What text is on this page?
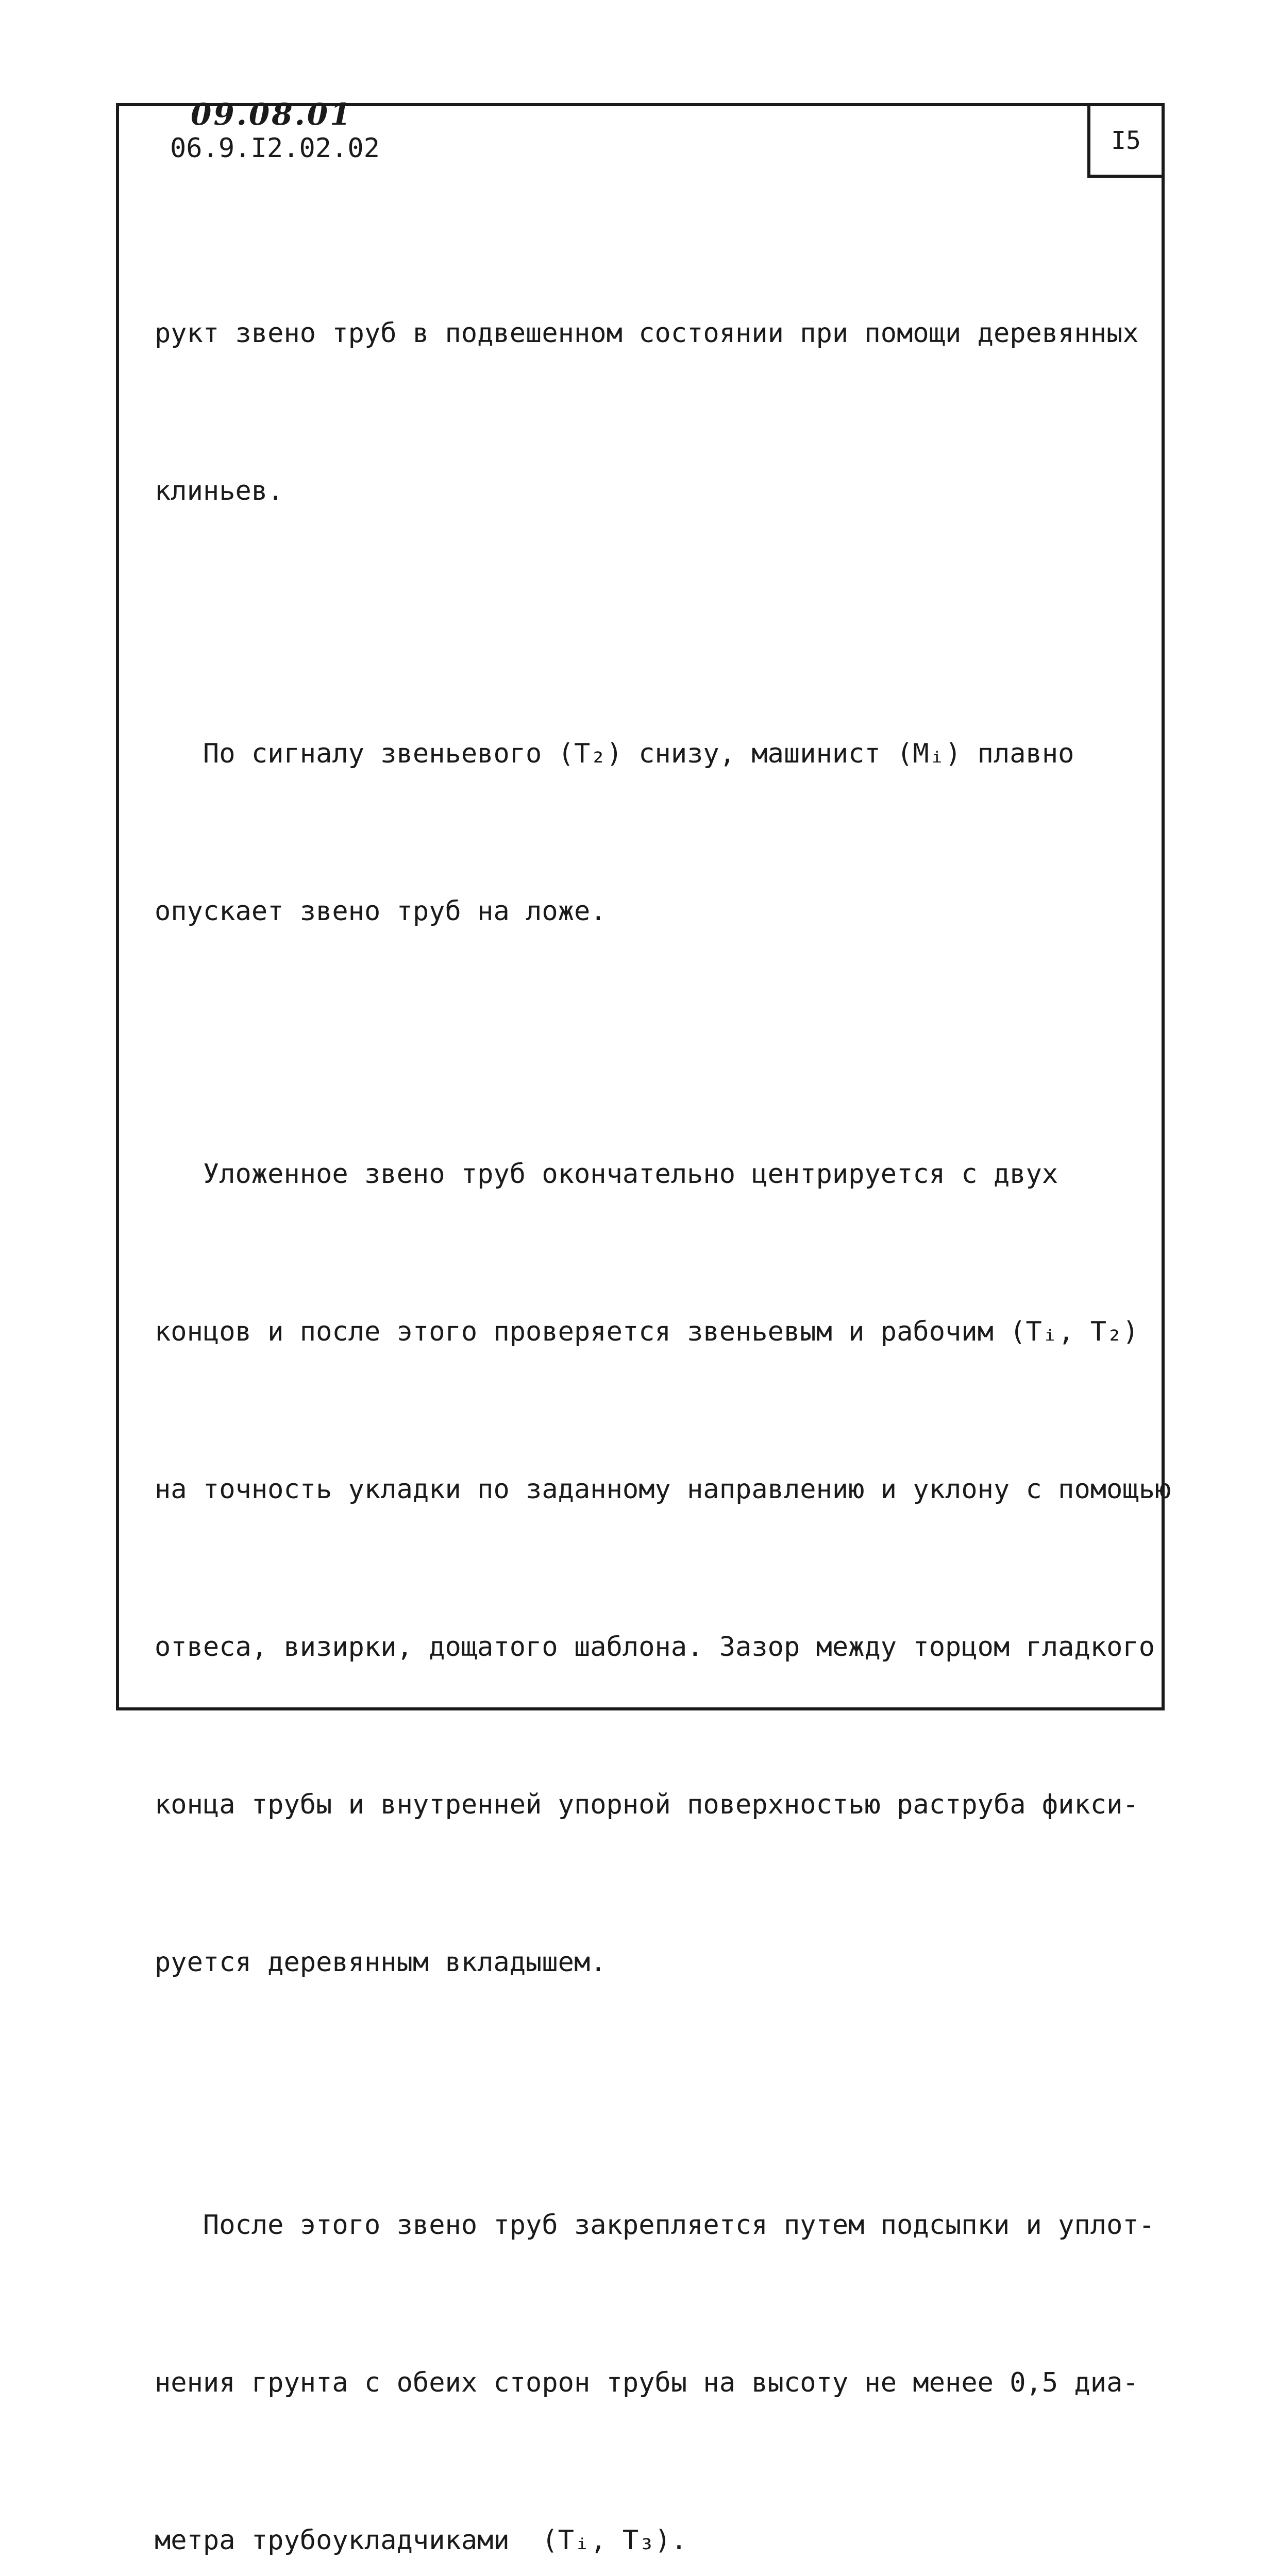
I5
09.08.01
06.9.I2.02.02

рукт звено труб в подвешенном состоянии при помощи деревянных

клиньев.

По сигналу звеньевого (T₂) снизу, машинист (Mᵢ) плавно

опускает звено труб на ложе.

Уложенное звено труб окончательно центрируется с двух

концов и после этого проверяется звеньевым и рабочим (Tᵢ, T₂)

на точность укладки по заданному направлению и уклону с помощью

отвеса, визирки, дощатого шаблона. Зазор между торцом гладкого

конца трубы и внутренней упорной поверхностью раструба фикси-

руется деревянным вкладышем.

После этого звено труб закрепляется путем подсыпки и уплот-

нения грунта с обеих сторон трубы на высоту не менее 0,5 диа-

метра трубоукладчиками  (Tᵢ, T₃).
